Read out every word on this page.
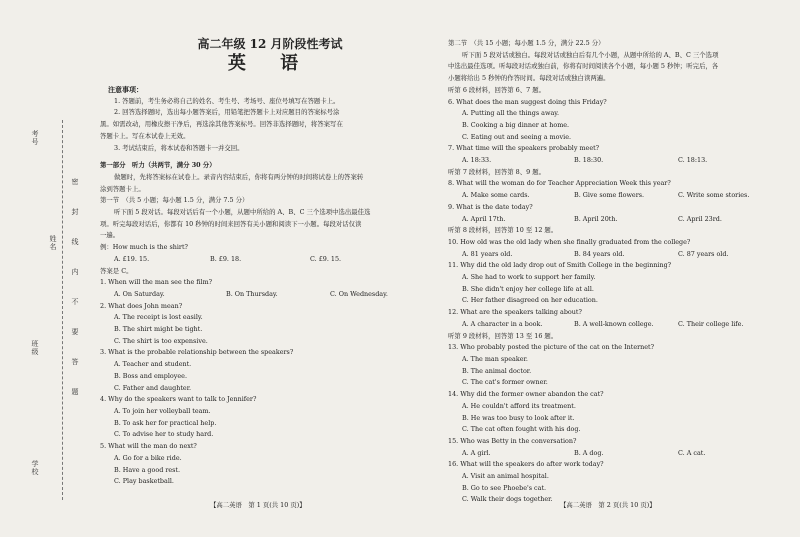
考号
班级
姓名
学校
密
封
线
内
不
要
答
题

高二年级 12 月阶段性考试

英 语

注意事项：

1. 答题前，考生务必将自己的姓名、考生号、考场号、座位号填写在答题卡上。

2. 回答选择题时，选出每小题答案后，用铅笔把答题卡上对应题目的答案标号涂

黑。如需改动，用橡皮擦干净后，再选涂其他答案标号。回答非选择题时，将答案写在

答题卡上。写在本试卷上无效。

3. 考试结束后，将本试卷和答题卡一并交回。

第一部分　听力（共两节，满分 30 分）

做题时，先将答案标在试卷上。录音内容结束后，你将有两分钟的时间将试卷上的答案转

涂到答题卡上。

第一节　（共 5 小题；每小题 1.5 分，满分 7.5 分）

听下面 5 段对话。每段对话后有一个小题，从题中所给的 A、B、C 三个选项中选出最佳选

项。听完每段对话后，你都有 10 秒钟的时间来回答有关小题和阅读下一小题。每段对话仅读

一遍。

例：How much is the shirt?

A. £19. 15.	B. £9. 18.	C. £9. 15.

答案是 C。

1. When will the man see the film?

A. On Saturday.	B. On Thursday.	C. On Wednesday.

2. What does John mean?

A. The receipt is lost easily.

B. The shirt might be tight.

C. The shirt is too expensive.

3. What is the probable relationship between the speakers?

A. Teacher and student.

B. Boss and employee.

C. Father and daughter.

4. Why do the speakers want to talk to Jennifer?

A. To join her volleyball team.

B. To ask her for practical help.

C. To advise her to study hard.

5. What will the man do next?

A. Go for a bike ride.

B. Have a good rest.

C. Play basketball.

【高二英语　第 1 页(共 10 页)】

第二节　（共 15 小题；每小题 1.5 分，满分 22.5 分）

听下面 5 段对话或独白。每段对话或独白后有几个小题，从题中所给的 A、B、C 三个选项

中选出最佳选项。听每段对话或独白前，你将有时间阅读各个小题，每小题 5 秒钟；听完后，各

小题将给出 5 秒钟的作答时间。每段对话或独白读两遍。

听第 6 段材料，回答第 6、7 题。

6. What does the man suggest doing this Friday?

A. Putting all the things away.

B. Cooking a big dinner at home.

C. Eating out and seeing a movie.

7. What time will the speakers probably meet?

A. 18:33.	B. 18:30.	C. 18:13.

听第 7 段材料，回答第 8、9 题。

8. What will the woman do for Teacher Appreciation Week this year?

A. Make some cards.	B. Give some flowers.	C. Write some stories.

9. What is the date today?

A. April 17th.	B. April 20th.	C. April 23rd.

听第 8 段材料，回答第 10 至 12 题。

10. How old was the old lady when she finally graduated from the college?

A. 81 years old.	B. 84 years old.	C. 87 years old.

11. Why did the old lady drop out of Smith College in the beginning?

A. She had to work to support her family.

B. She didn't enjoy her college life at all.

C. Her father disagreed on her education.

12. What are the speakers talking about?

A. A character in a book.	B. A well-known college.	C. Their college life.

听第 9 段材料，回答第 13 至 16 题。

13. Who probably posted the picture of the cat on the Internet?

A. The man speaker.

B. The animal doctor.

C. The cat's former owner.

14. Why did the former owner abandon the cat?

A. He couldn't afford its treatment.

B. He was too busy to look after it.

C. The cat often fought with his dog.

15. Who was Betty in the conversation?

A. A girl.	B. A dog.	C. A cat.

16. What will the speakers do after work today?

A. Visit an animal hospital.

B. Go to see Phoebe's cat.

C. Walk their dogs together.

【高二英语　第 2 页(共 10 页)】
